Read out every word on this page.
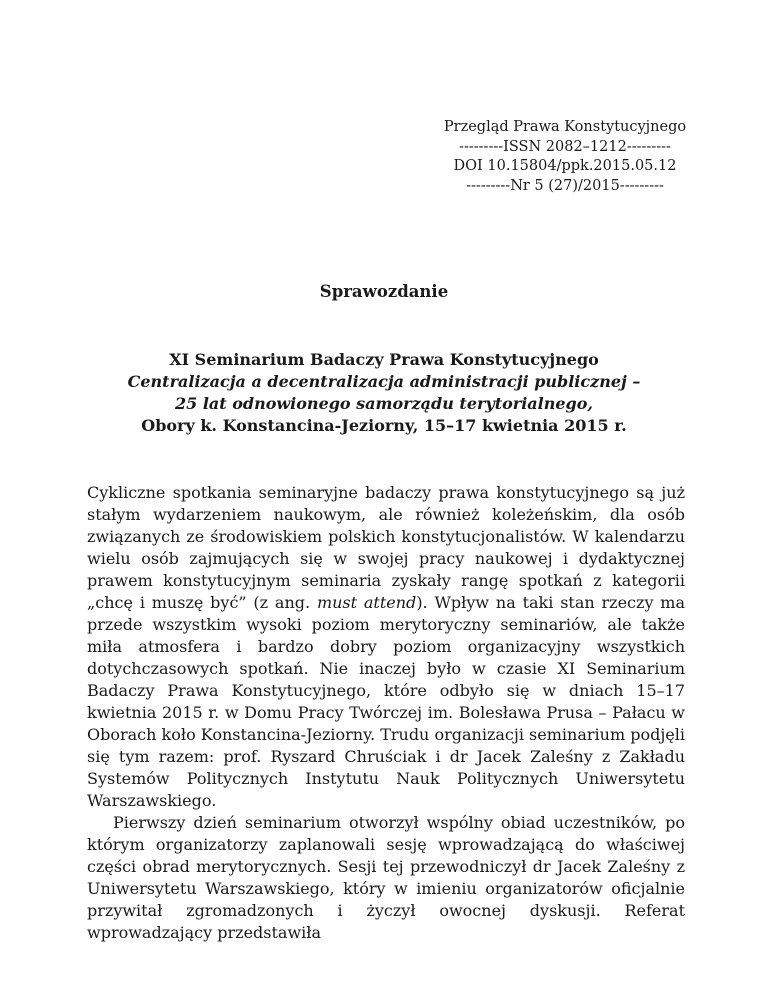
Przegląd Prawa Konstytucyjnego
---------ISSN 2082–1212---------
DOI 10.15804/ppk.2015.05.12
---------Nr 5 (27)/2015---------
Sprawozdanie
XI Seminarium Badaczy Prawa Konstytucyjnego
Centralizacja a decentralizacja administracji publicznej –
25 lat odnowionego samorządu terytorialnego,
Obory k. Konstancina-Jeziorny, 15–17 kwietnia 2015 r.

Cykliczne spotkania seminaryjne badaczy prawa konstytucyjnego są już stałym wydarzeniem naukowym, ale również koleżeńskim, dla osób związanych ze środowiskiem polskich konstytucjonalistów. W kalendarzu wielu osób zajmujących się w swojej pracy naukowej i dydaktycznej prawem konstytucyjnym seminaria zyskały rangę spotkań z kategorii „chcę i muszę być” (z ang. must attend). Wpływ na taki stan rzeczy ma przede wszystkim wysoki poziom merytoryczny seminariów, ale także miła atmosfera i bardzo dobry poziom organizacyjny wszystkich dotychczasowych spotkań. Nie inaczej było w czasie XI Seminarium Badaczy Prawa Konstytucyjnego, które odbyło się w dniach 15–17 kwietnia 2015 r. w Domu Pracy Twórczej im. Bolesława Prusa – Pałacu w Oborach koło Konstancina-Jeziorny. Trudu organizacji seminarium podjęli się tym razem: prof. Ryszard Chruściak i dr Jacek Zaleśny z Zakładu Systemów Politycznych Instytutu Nauk Politycznych Uniwersytetu Warszawskiego.

Pierwszy dzień seminarium otworzył wspólny obiad uczestników, po którym organizatorzy zaplanowali sesję wprowadzającą do właściwej części obrad merytorycznych. Sesji tej przewodniczył dr Jacek Zaleśny z Uniwersytetu Warszawskiego, który w imieniu organizatorów oficjalnie przywitał zgromadzonych i życzył owocnej dyskusji. Referat wprowadzający przedstawiła
